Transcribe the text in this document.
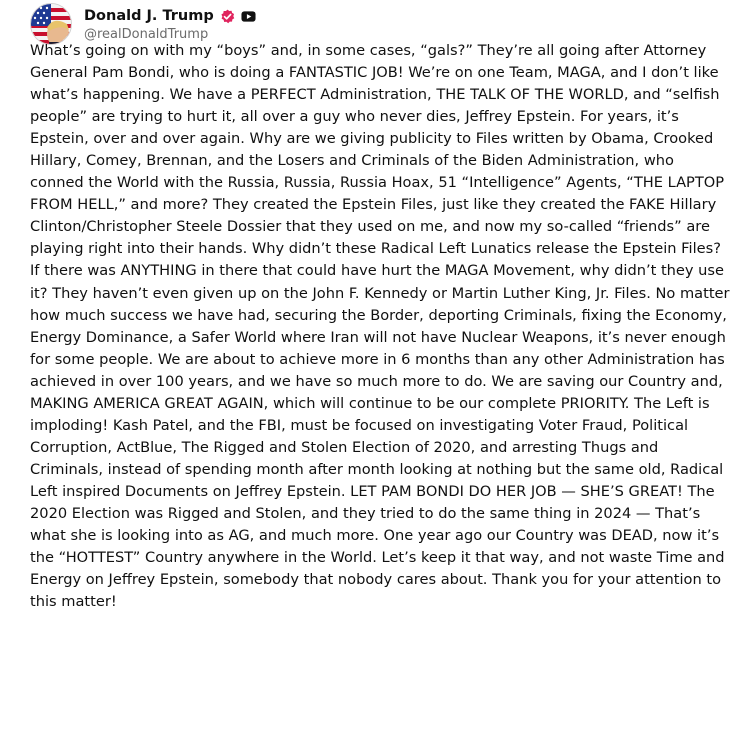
Donald J. Trump
@realDonaldTrump

What’s going on with my “boys” and, in some cases, “gals?” They’re all going after Attorney General Pam Bondi, who is doing a FANTASTIC JOB! We’re on one Team, MAGA, and I don’t like what’s happening. We have a PERFECT Administration, THE TALK OF THE WORLD, and “selfish people” are trying to hurt it, all over a guy who never dies, Jeffrey Epstein. For years, it’s Epstein, over and over again. Why are we giving publicity to Files written by Obama, Crooked Hillary, Comey, Brennan, and the Losers and Criminals of the Biden Administration, who conned the World with the Russia, Russia, Russia Hoax, 51 “Intelligence” Agents, “THE LAPTOP FROM HELL,” and more? They created the Epstein Files, just like they created the FAKE Hillary Clinton/Christopher Steele Dossier that they used on me, and now my so-called “friends” are playing right into their hands. Why didn’t these Radical Left Lunatics release the Epstein Files? If there was ANYTHING in there that could have hurt the MAGA Movement, why didn’t they use it? They haven’t even given up on the John F. Kennedy or Martin Luther King, Jr. Files. No matter how much success we have had, securing the Border, deporting Criminals, fixing the Economy, Energy Dominance, a Safer World where Iran will not have Nuclear Weapons, it’s never enough for some people. We are about to achieve more in 6 months than any other Administration has achieved in over 100 years, and we have so much more to do. We are saving our Country and, MAKING AMERICA GREAT AGAIN, which will continue to be our complete PRIORITY. The Left is imploding! Kash Patel, and the FBI, must be focused on investigating Voter Fraud, Political Corruption, ActBlue, The Rigged and Stolen Election of 2020, and arresting Thugs and Criminals, instead of spending month after month looking at nothing but the same old, Radical Left inspired Documents on Jeffrey Epstein. LET PAM BONDI DO HER JOB — SHE’S GREAT! The 2020 Election was Rigged and Stolen, and they tried to do the same thing in 2024 — That’s what she is looking into as AG, and much more. One year ago our Country was DEAD, now it’s the “HOTTEST” Country anywhere in the World. Let’s keep it that way, and not waste Time and Energy on Jeffrey Epstein, somebody that nobody cares about. Thank you for your attention to this matter!
